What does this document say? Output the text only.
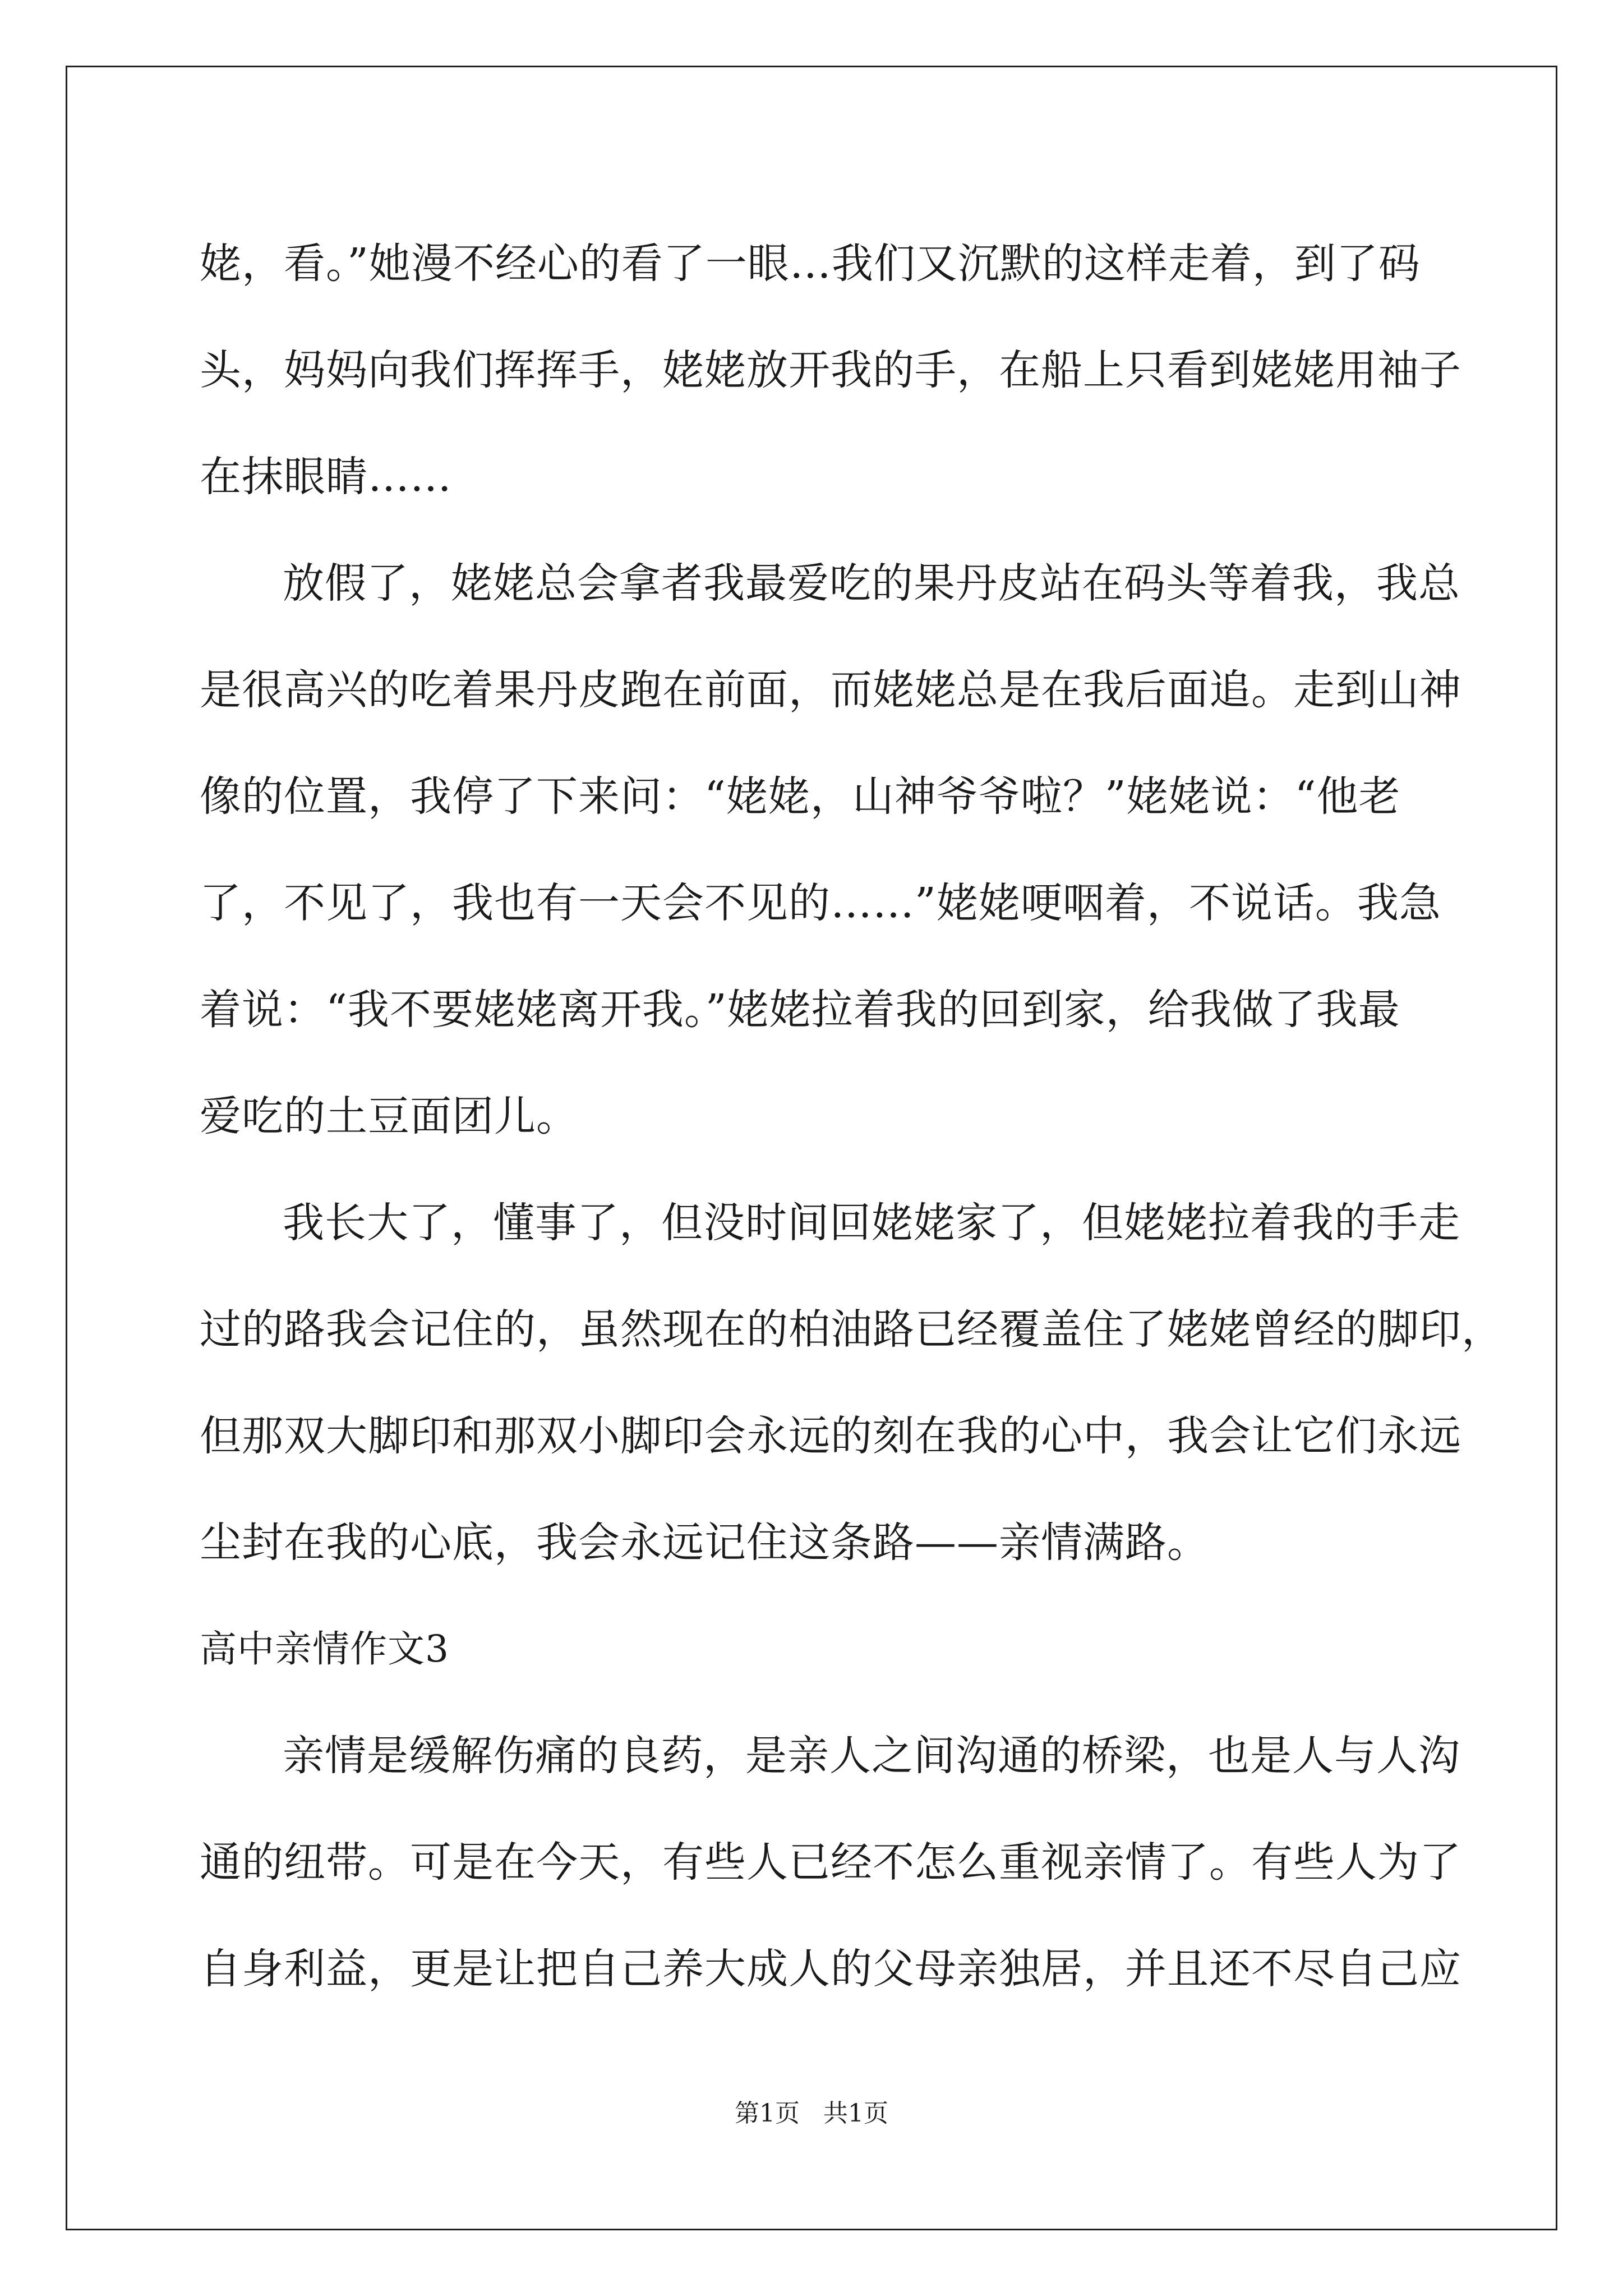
姥，看。”她漫不经心的看了一眼…我们又沉默的这样走着，到了码
头，妈妈向我们挥挥手，姥姥放开我的手，在船上只看到姥姥用袖子
在抹眼睛……
放假了，姥姥总会拿者我最爱吃的果丹皮站在码头等着我，我总
是很高兴的吃着果丹皮跑在前面，而姥姥总是在我后面追。走到山神
像的位置，我停了下来问：“姥姥，山神爷爷啦？”姥姥说：“他老
了，不见了，我也有一天会不见的……”姥姥哽咽着，不说话。我急
着说：“我不要姥姥离开我。”姥姥拉着我的回到家，给我做了我最
爱吃的土豆面团儿。
我长大了，懂事了，但没时间回姥姥家了，但姥姥拉着我的手走
过的路我会记住的，虽然现在的柏油路已经覆盖住了姥姥曾经的脚印，
但那双大脚印和那双小脚印会永远的刻在我的心中，我会让它们永远
尘封在我的心底，我会永远记住这条路——亲情满路。
高中亲情作文3
亲情是缓解伤痛的良药，是亲人之间沟通的桥梁，也是人与人沟
通的纽带。可是在今天，有些人已经不怎么重视亲情了。有些人为了
自身利益，更是让把自己养大成人的父母亲独居，并且还不尽自己应
第1页   共1页
